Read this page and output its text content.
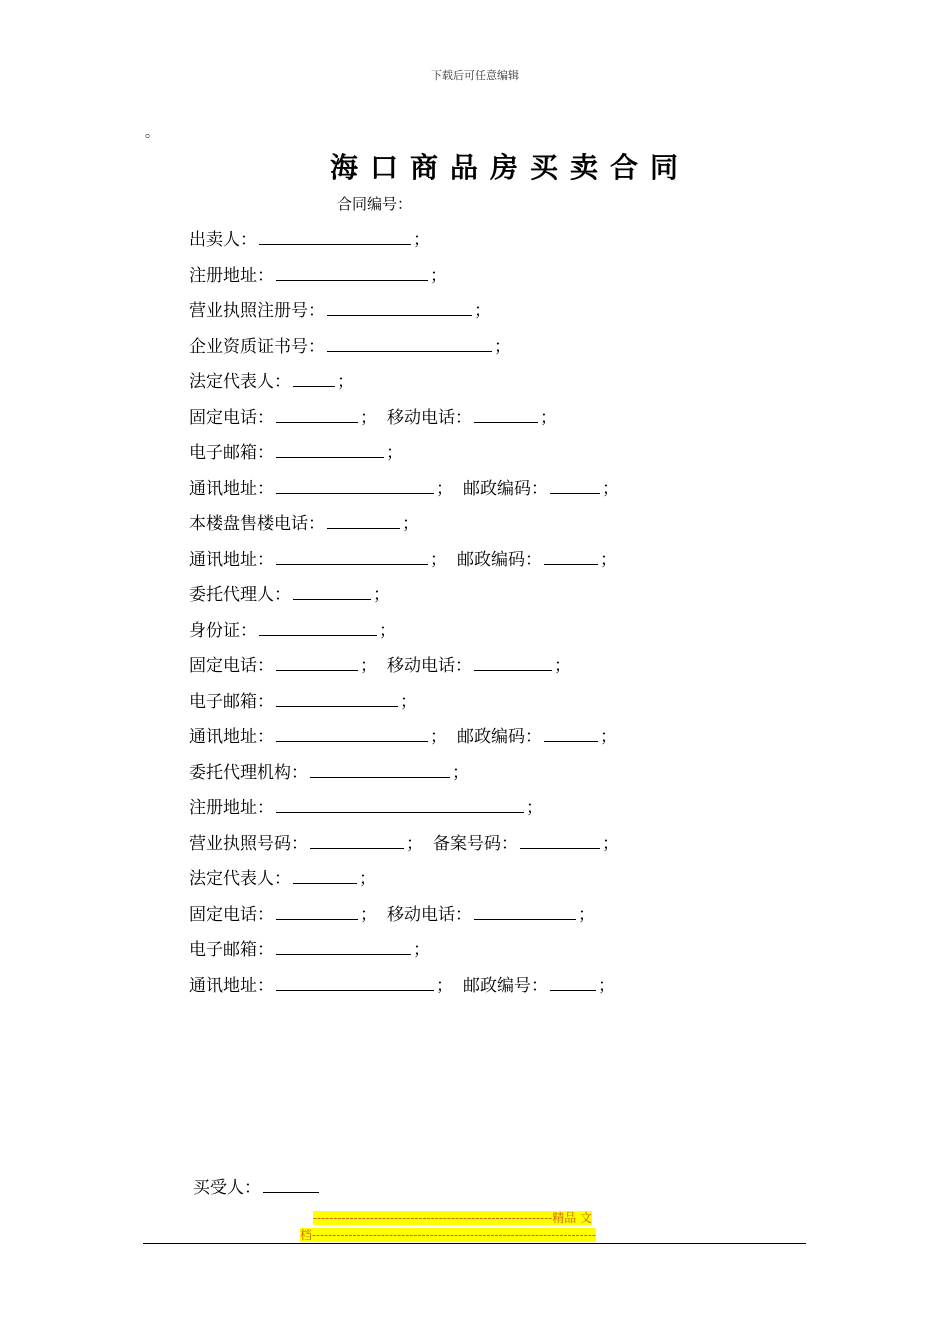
下载后可任意编辑
。
海口商品房买卖合同
合同编号：
出卖人：	；
注册地址：	；
营业执照注册号：	；
企业资质证书号：	；
法定代表人：	；
固定电话：	； 移动电话：	；
电子邮箱：	；
通讯地址：	； 邮政编码：	；
本楼盘售楼电话：	；
通讯地址：	； 邮政编码：	；
委托代理人：	；
身份证：	；
固定电话：	； 移动电话：	；
电子邮箱：	；
通讯地址：	； 邮政编码：	；
委托代理机构：	；
注册地址：	；
营业执照号码：	； 备案号码：	；
法定代表人：	；
固定电话：	； 移动电话：	；
电子邮箱：	；
通讯地址：	； 邮政编号：	；
买受人：
-----------------------------------------------------------精品 文
档----------------------------------------------------------------------
